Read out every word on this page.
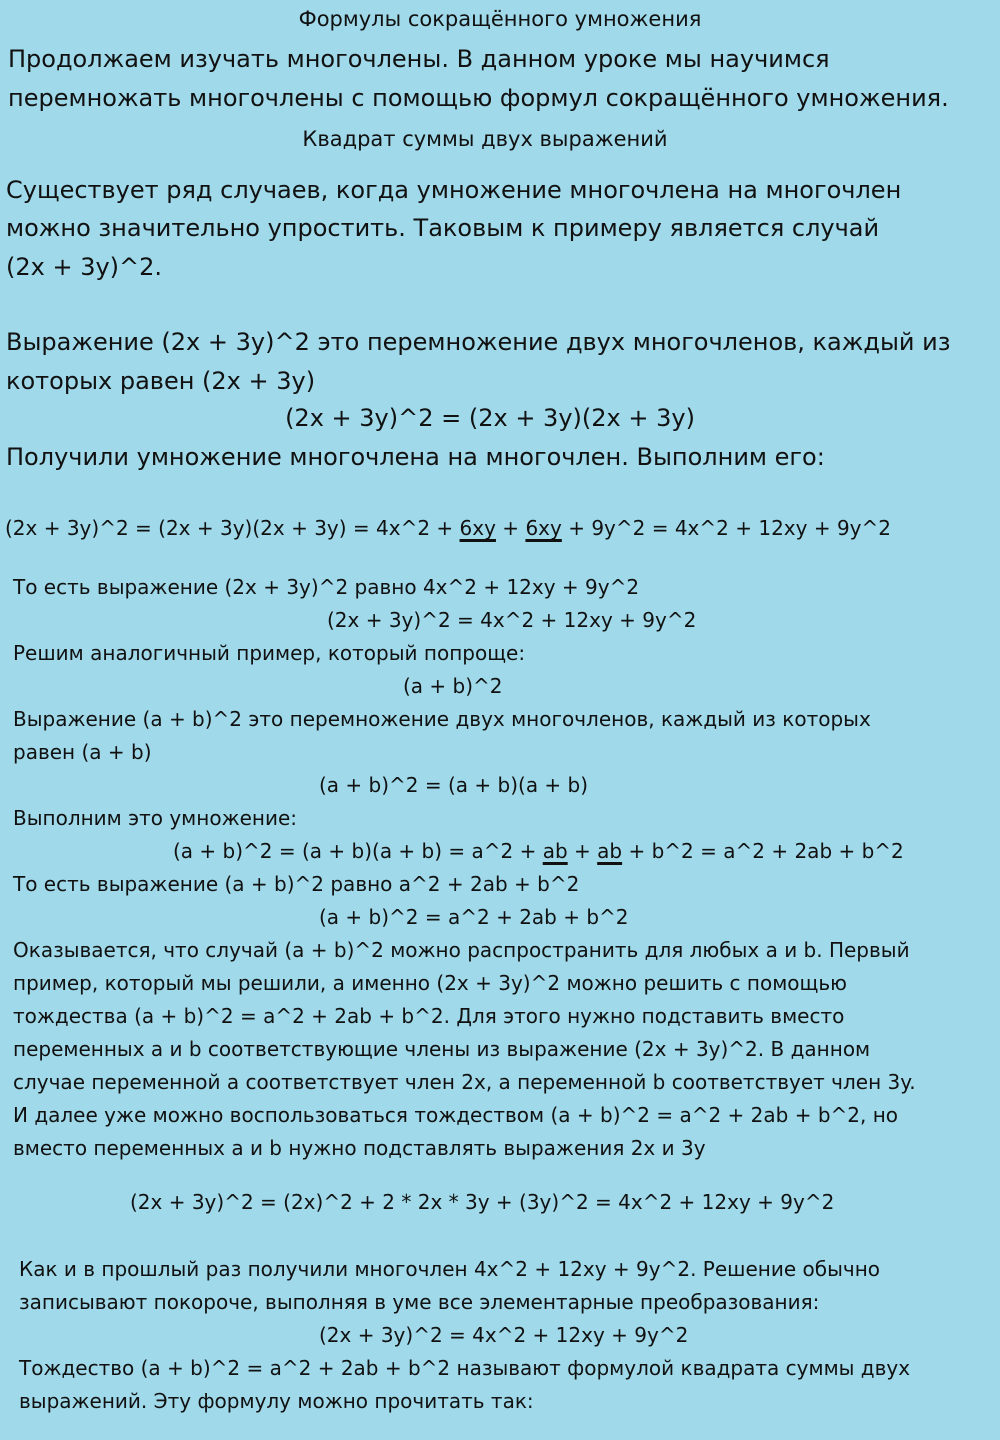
Формулы сокращённого умножения
Продолжаем изучать многочлены. В данном уроке мы научимся
перемножать многочлены с помощью формул сокращённого умножения.
Квадрат суммы двух выражений
Существует ряд случаев, когда умножение многочлена на многочлен
можно значительно упростить. Таковым к примеру является случай
(2x + 3y)^2.
Выражение (2x + 3y)^2 это перемножение двух многочленов, каждый из
которых равен (2x + 3y)
(2x + 3y)^2 = (2x + 3y)(2x + 3y)
Получили умножение многочлена на многочлен. Выполним его:
(2x + 3y)^2 = (2x + 3y)(2x + 3y) = 4x^2 + 6xy + 6xy + 9y^2 = 4x^2 + 12xy + 9y^2
То есть выражение (2x + 3y)^2 равно 4x^2 + 12xy + 9y^2
(2x + 3y)^2 = 4x^2 + 12xy + 9y^2
Решим аналогичный пример, который попроще:
(a + b)^2
Выражение (a + b)^2 это перемножение двух многочленов, каждый из которых
равен (a + b)
(a + b)^2 = (a + b)(a + b)
Выполним это умножение:
(a + b)^2 = (a + b)(a + b) = a^2 + ab + ab + b^2 = a^2 + 2ab + b^2
То есть выражение (a + b)^2 равно a^2 + 2ab + b^2
(a + b)^2 = a^2 + 2ab + b^2
Оказывается, что случай (a + b)^2 можно распространить для любых a и b. Первый
пример, который мы решили, а именно (2x + 3y)^2 можно решить с помощью
тождества (a + b)^2 = a^2 + 2ab + b^2. Для этого нужно подставить вместо
переменных a и b соответствующие члены из выражение (2x + 3y)^2. В данном
случае переменной a соответствует член 2x, а переменной b соответствует член 3y.
И далее уже можно воспользоваться тождеством (a + b)^2 = a^2 + 2ab + b^2, но
вместо переменных a и b нужно подставлять выражения 2x и 3y
(2x + 3y)^2 = (2x)^2 + 2 * 2x * 3y + (3y)^2 = 4x^2 + 12xy + 9y^2
Как и в прошлый раз получили многочлен 4x^2 + 12xy + 9y^2. Решение обычно
записывают покороче, выполняя в уме все элементарные преобразования:
(2x + 3y)^2 = 4x^2 + 12xy + 9y^2
Тождество (a + b)^2 = a^2 + 2ab + b^2 называют формулой квадрата суммы двух
выражений. Эту формулу можно прочитать так:
